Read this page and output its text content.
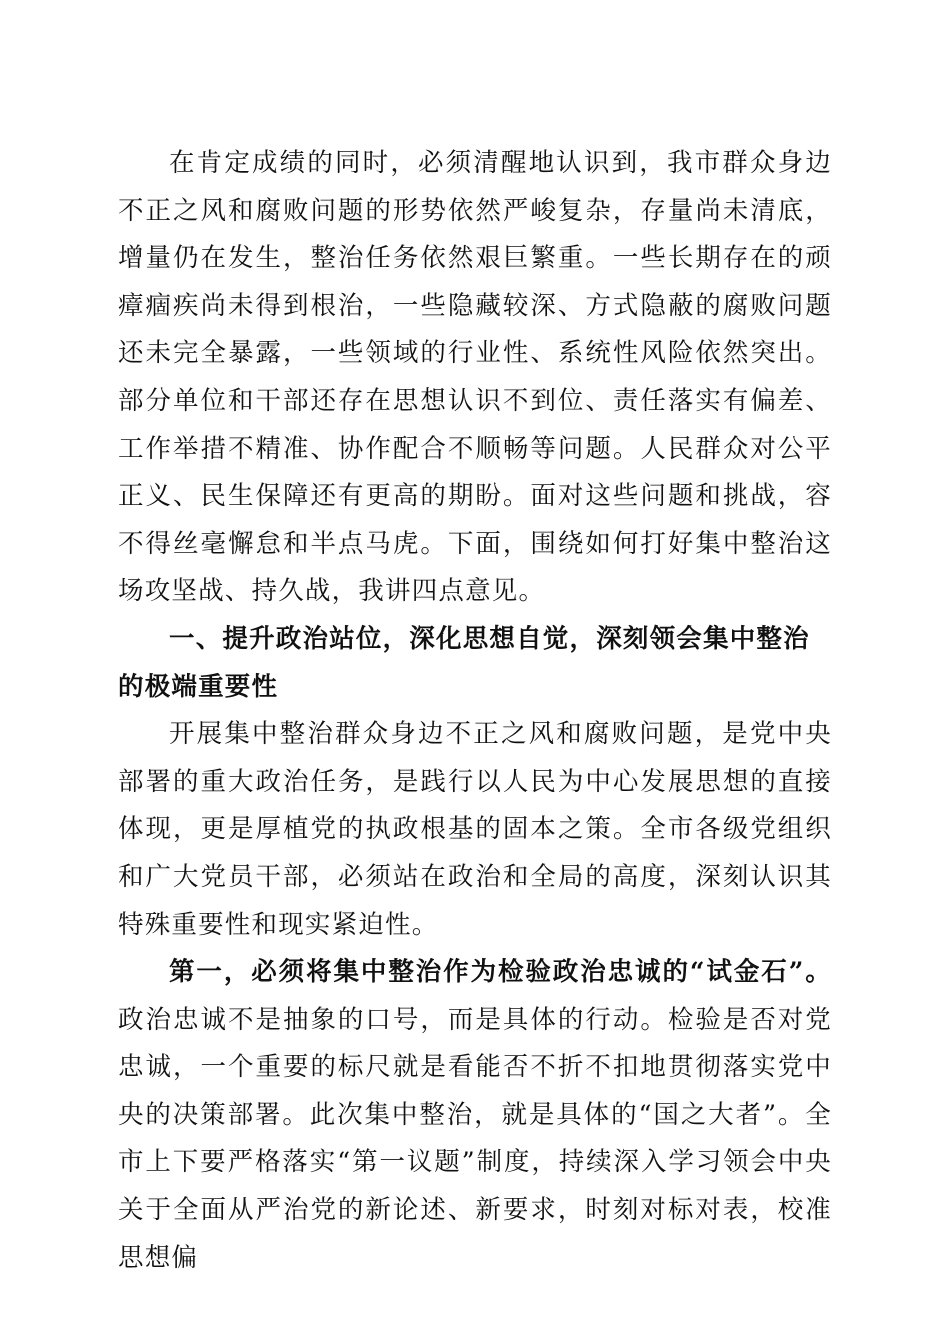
在肯定成绩的同时，必须清醒地认识到，我市群众身边不正之风和腐败问题的形势依然严峻复杂，存量尚未清底，增量仍在发生，整治任务依然艰巨繁重。一些长期存在的顽瘴痼疾尚未得到根治，一些隐藏较深、方式隐蔽的腐败问题还未完全暴露，一些领域的行业性、系统性风险依然突出。部分单位和干部还存在思想认识不到位、责任落实有偏差、工作举措不精准、协作配合不顺畅等问题。人民群众对公平正义、民生保障还有更高的期盼。面对这些问题和挑战，容不得丝毫懈怠和半点马虎。下面，围绕如何打好集中整治这场攻坚战、持久战，我讲四点意见。

一、提升政治站位，深化思想自觉，深刻领会集中整治的极端重要性

开展集中整治群众身边不正之风和腐败问题，是党中央部署的重大政治任务，是践行以人民为中心发展思想的直接体现，更是厚植党的执政根基的固本之策。全市各级党组织和广大党员干部，必须站在政治和全局的高度，深刻认识其特殊重要性和现实紧迫性。

第一，必须将集中整治作为检验政治忠诚的“试金石”。政治忠诚不是抽象的口号，而是具体的行动。检验是否对党忠诚，一个重要的标尺就是看能否不折不扣地贯彻落实党中央的决策部署。此次集中整治，就是具体的“国之大者”。全市上下要严格落实“第一议题”制度，持续深入学习领会中央关于全面从严治党的新论述、新要求，时刻对标对表，校准思想偏
